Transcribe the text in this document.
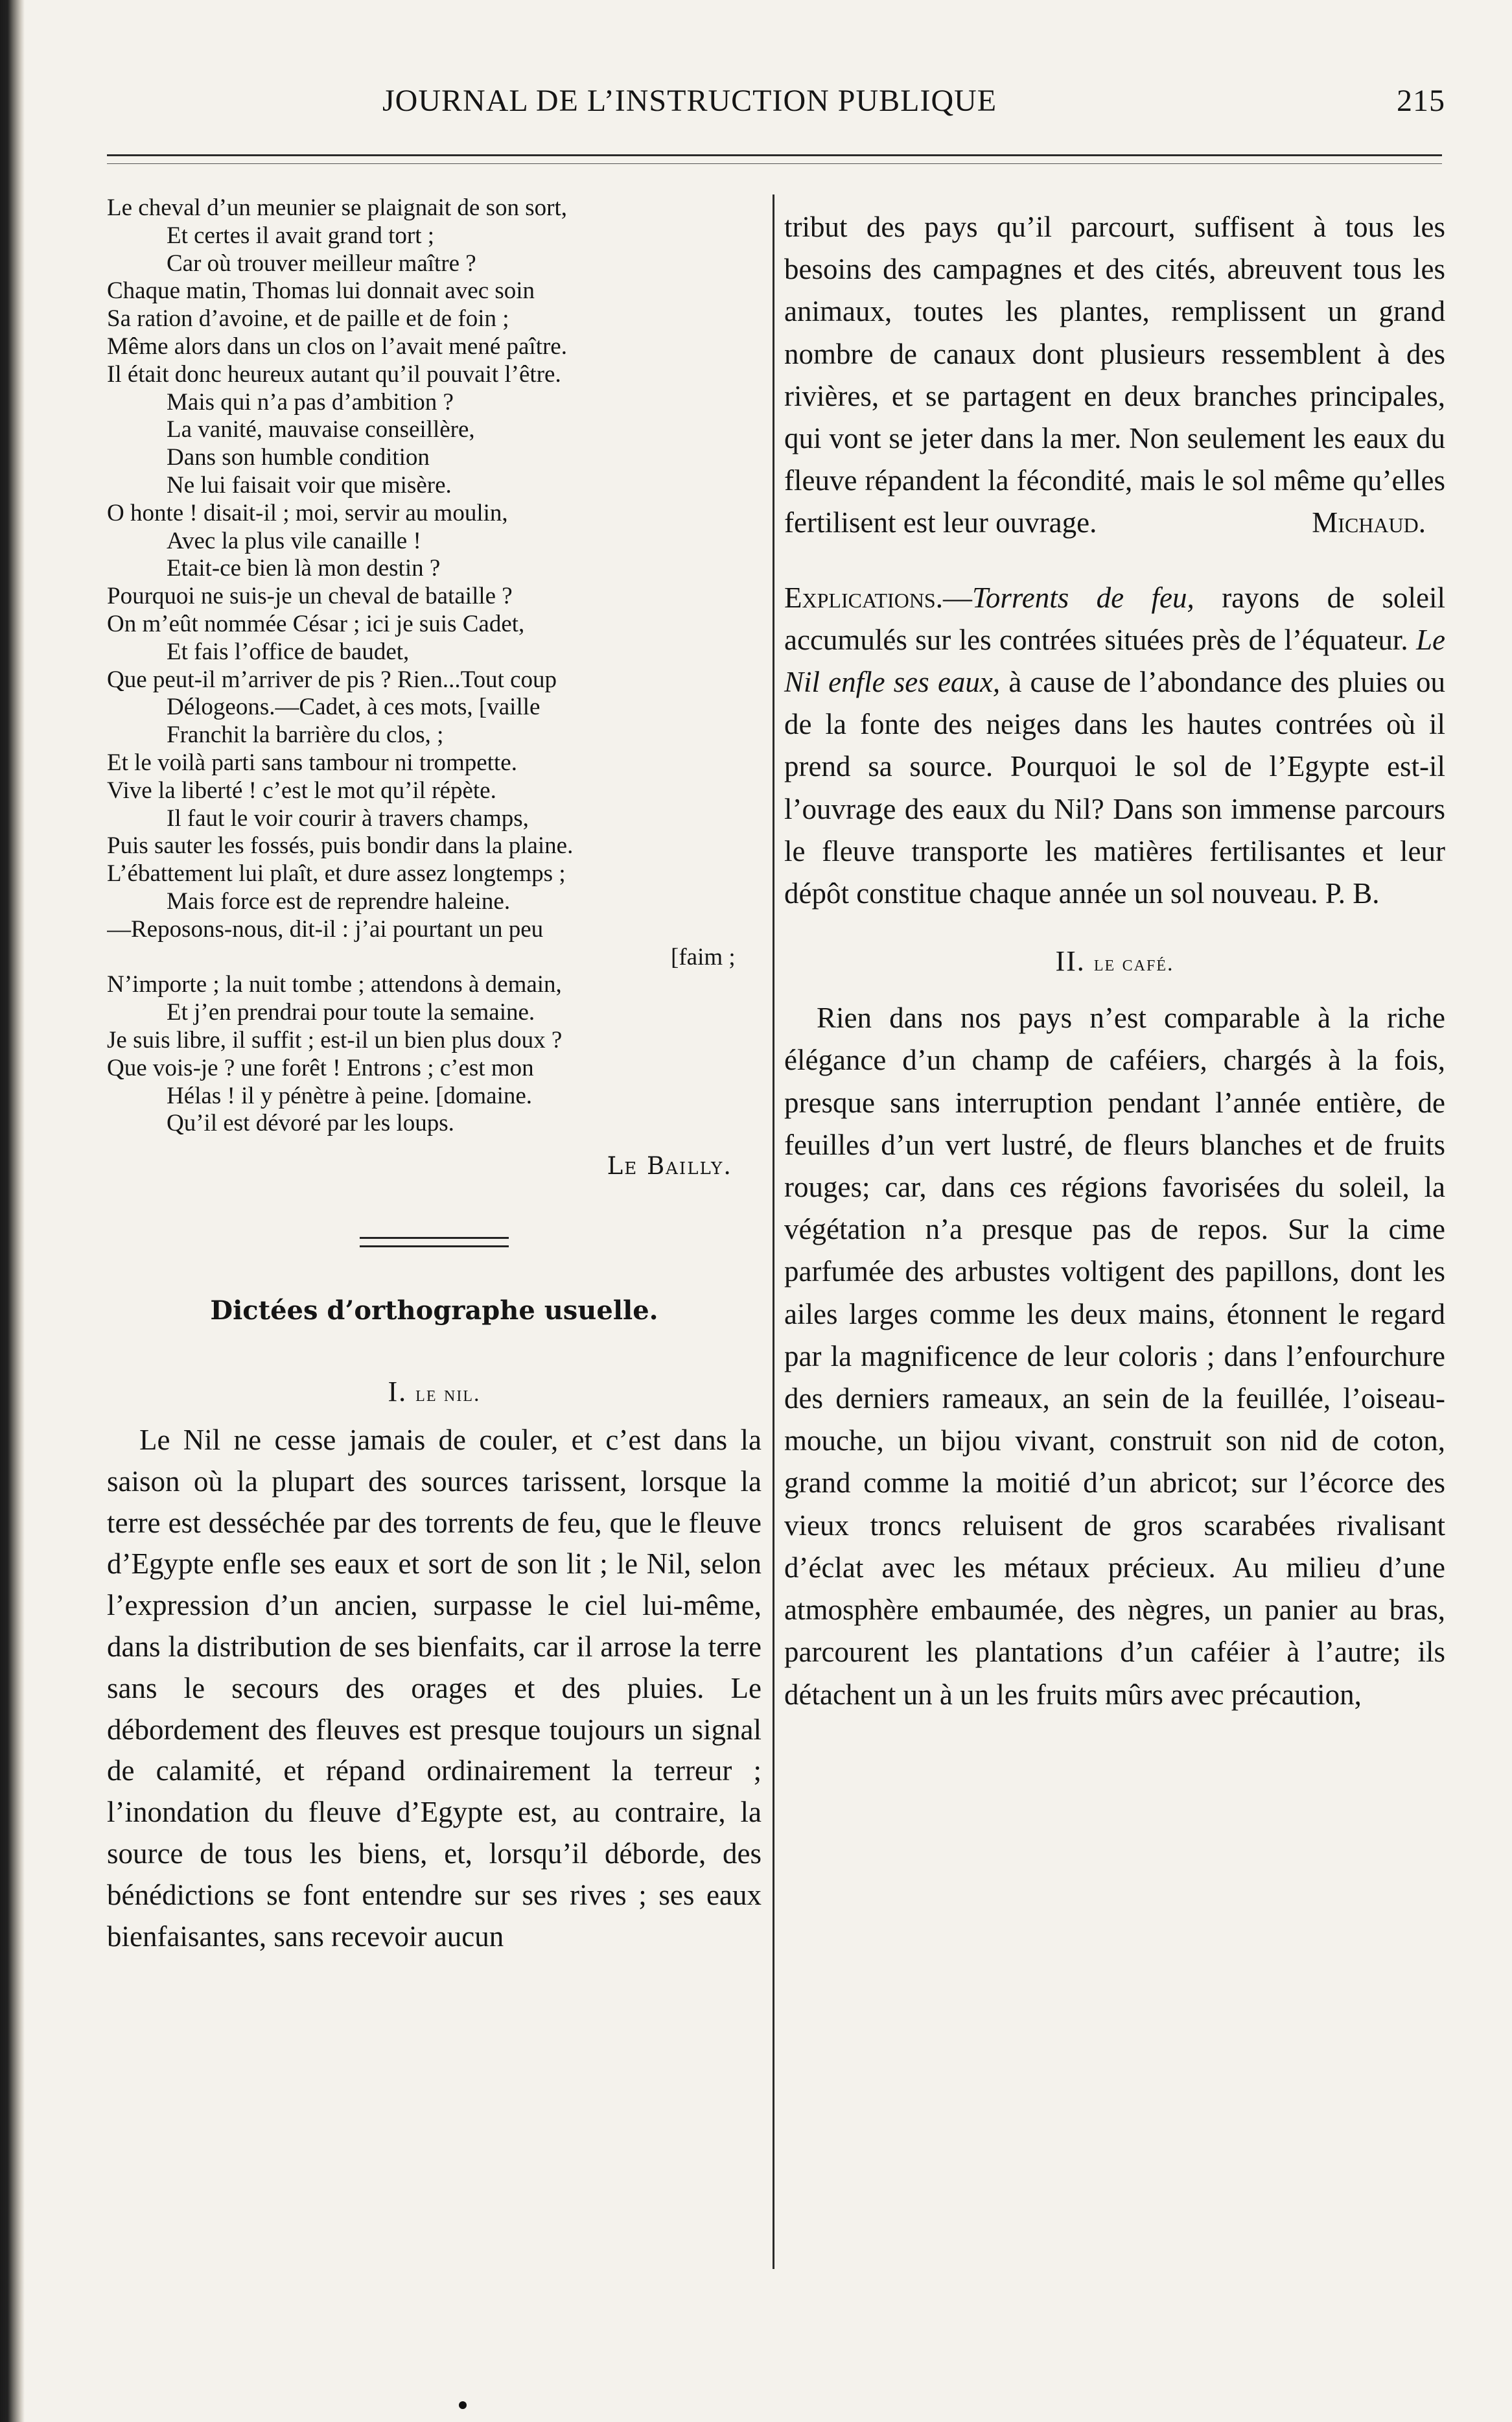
JOURNAL DE L’INSTRUCTION PUBLIQUE	215
Le cheval d’un meunier se plaignait de son sort,
Et certes il avait grand tort ;
Car où trouver meilleur maître ?
Chaque matin, Thomas lui donnait avec soin
Sa ration d’avoine, et de paille et de foin ;
Même alors dans un clos on l’avait mené paître.
Il était donc heureux autant qu’il pouvait l’être.
Mais qui n’a pas d’ambition ?
La vanité, mauvaise conseillère,
Dans son humble condition
Ne lui faisait voir que misère.
O honte ! disait-il ; moi, servir au moulin,
Avec la plus vile canaille !
Etait-ce bien là mon destin ?
Pourquoi ne suis-je un cheval de bataille ?
On m’eût nommée César ; ici je suis Cadet,
Et fais l’office de baudet,
Que peut-il m’arriver de pis ? Rien...Tout coup
Délogeons.—Cadet, à ces mots, [vaille
Franchit la barrière du clos, ;
Et le voilà parti sans tambour ni trompette.
Vive la liberté ! c’est le mot qu’il répète.
Il faut le voir courir à travers champs,
Puis sauter les fossés, puis bondir dans la plaine.
L’ébattement lui plaît, et dure assez longtemps ;
Mais force est de reprendre haleine.
—Reposons-nous, dit-il : j’ai pourtant un peu
[faim ;
N’importe ; la nuit tombe ; attendons à demain,
Et j’en prendrai pour toute la semaine.
Je suis libre, il suffit ; est-il un bien plus doux ?
Que vois-je ? une forêt ! Entrons ; c’est mon
Hélas ! il y pénètre à peine. [domaine.
Qu’il est dévoré par les loups.
Le Bailly.
Dictées d’orthographe usuelle.
I. le nil.

Le Nil ne cesse jamais de couler, et c’est dans la saison où la plupart des sources tarissent, lorsque la terre est desséchée par des torrents de feu, que le fleuve d’Egypte enfle ses eaux et sort de son lit ; le Nil, selon l’expression d’un ancien, surpasse le ciel lui-même, dans la distribution de ses bienfaits, car il arrose la terre sans le secours des orages et des pluies. Le débordement des fleuves est presque toujours un signal de calamité, et répand ordinairement la terreur ; l’inondation du fleuve d’Egypte est, au contraire, la source de tous les biens, et, lorsqu’il déborde, des bénédictions se font entendre sur ses rives ; ses eaux bienfaisantes, sans recevoir aucun

tribut des pays qu’il parcourt, suffisent à tous les besoins des campagnes et des cités, abreuvent tous les animaux, toutes les plantes, remplissent un grand nombre de canaux dont plusieurs ressemblent à des rivières, et se partagent en deux branches principales, qui vont se jeter dans la mer. Non seulement les eaux du fleuve répandent la fécondité, mais le sol même qu’elles fertilisent est leur ouvrage.	Michaud.

Explications.—Torrents de feu, rayons de soleil accumulés sur les contrées situées près de l’équateur. Le Nil enfle ses eaux, à cause de l’abondance des pluies ou de la fonte des neiges dans les hautes contrées où il prend sa source. Pourquoi le sol de l’Egypte est-il l’ouvrage des eaux du Nil? Dans son immense parcours le fleuve transporte les matières fertilisantes et leur dépôt constitue chaque année un sol nouveau. P. B.

II. le café.

Rien dans nos pays n’est comparable à la riche élégance d’un champ de caféiers, chargés à la fois, presque sans interruption pendant l’année entière, de feuilles d’un vert lustré, de fleurs blanches et de fruits rouges; car, dans ces régions favorisées du soleil, la végétation n’a presque pas de repos. Sur la cime parfumée des arbustes voltigent des papillons, dont les ailes larges comme les deux mains, étonnent le regard par la magnificence de leur coloris ; dans l’enfourchure des derniers rameaux, an sein de la feuillée, l’oiseau-mouche, un bijou vivant, construit son nid de coton, grand comme la moitié d’un abricot; sur l’écorce des vieux troncs reluisent de gros scarabées rivalisant d’éclat avec les métaux précieux. Au milieu d’une atmosphère embaumée, des nègres, un panier au bras, parcourent les plantations d’un caféier à l’autre; ils détachent un à un les fruits mûrs avec précaution,
